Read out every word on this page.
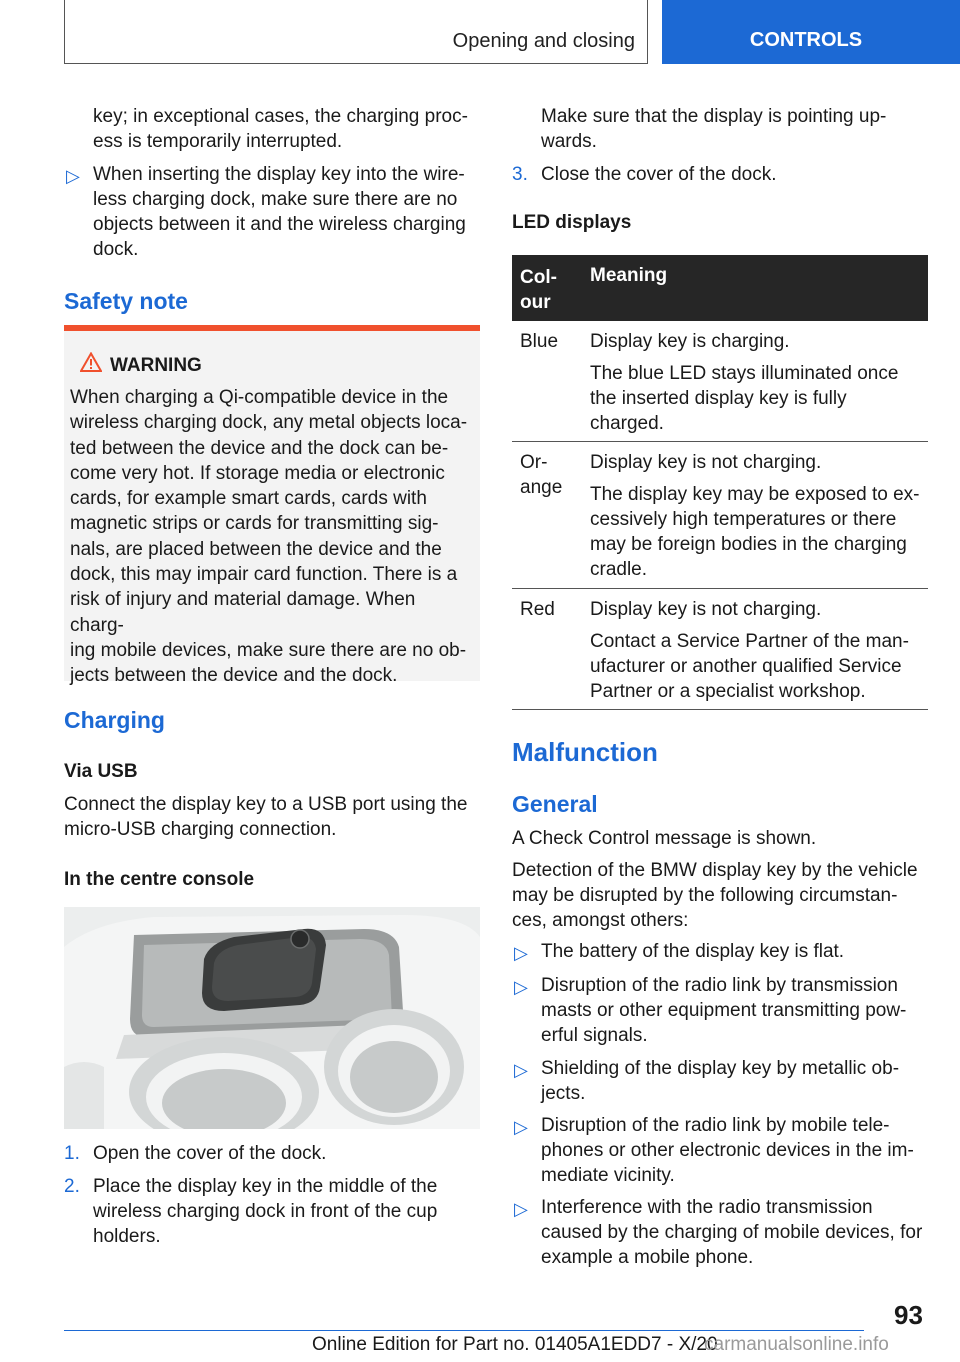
Opening and closing	CONTROLS
key; in exceptional cases, the charging proc-
ess is temporarily interrupted.
▷ When inserting the display key into the wire-
less charging dock, make sure there are no
objects between it and the wireless charging
dock.
Safety note
WARNING
When charging a Qi-compatible device in the
wireless charging dock, any metal objects loca-
ted between the device and the dock can be-
come very hot. If storage media or electronic
cards, for example smart cards, cards with
magnetic strips or cards for transmitting sig-
nals, are placed between the device and the
dock, this may impair card function. There is a
risk of injury and material damage. When charg-
ing mobile devices, make sure there are no ob-
jects between the device and the dock.
Charging
Via USB
Connect the display key to a USB port using the
micro-USB charging connection.
In the centre console
1. Open the cover of the dock.
2. Place the display key in the middle of the
wireless charging dock in front of the cup
holders.
Make sure that the display is pointing up-
wards.
3. Close the cover of the dock.
LED displays
Col-
our
Meaning
Blue Display key is charging.
The blue LED stays illuminated once
the inserted display key is fully
charged.
Or-
ange
Display key is not charging.
The display key may be exposed to ex-
cessively high temperatures or there
may be foreign bodies in the charging
cradle.
Red Display key is not charging.
Contact a Service Partner of the man-
ufacturer or another qualified Service
Partner or a specialist workshop.
Malfunction
General
A Check Control message is shown.
Detection of the BMW display key by the vehicle
may be disrupted by the following circumstan-
ces, amongst others:
▷ The battery of the display key is flat.
▷ Disruption of the radio link by transmission
masts or other equipment transmitting pow-
erful signals.
▷ Shielding of the display key by metallic ob-
jects.
▷ Disruption of the radio link by mobile tele-
phones or other electronic devices in the im-
mediate vicinity.
▷ Interference with the radio transmission
caused by the charging of mobile devices, for
example a mobile phone.
93
Online Edition for Part no. 01405A1EDD7 - X/20
carmanualsonline.info
